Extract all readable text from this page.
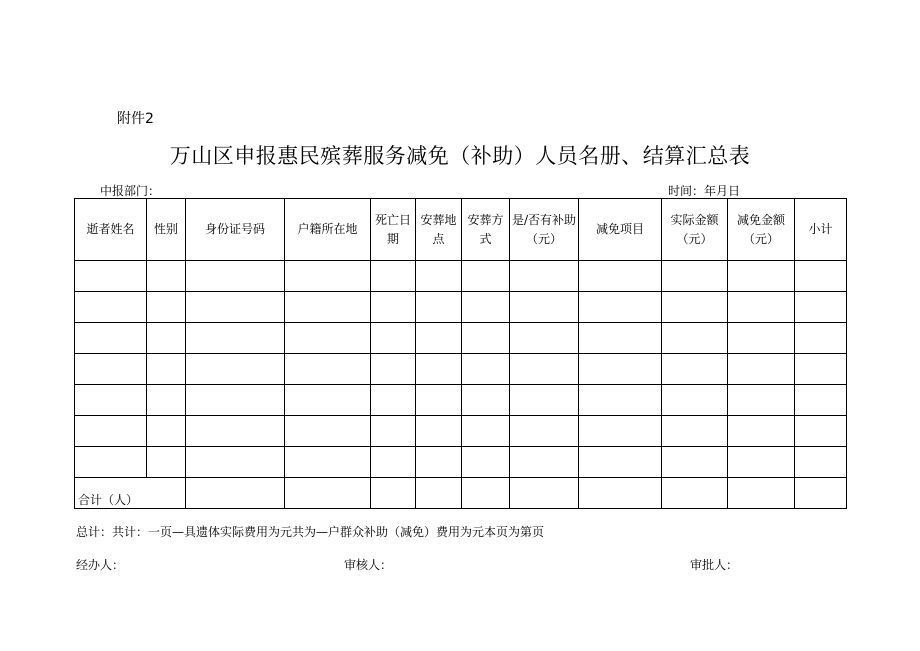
附件2
万山区申报惠民殡葬服务减免（补助）人员名册、结算汇总表
中报部门：	时间：年月日
逝者姓名	性别	身份证号码	户籍所在地	死亡日期	安葬地点	安葬方式	是/否有补助（元）	减免项目	实际金额（元）	减免金额（元）	小计

合计（人）											
总计：共计：一页—具遗体实际费用为元共为—户群众补助（减免）费用为元本页为第页
经办人：	审核人：	审批人：
